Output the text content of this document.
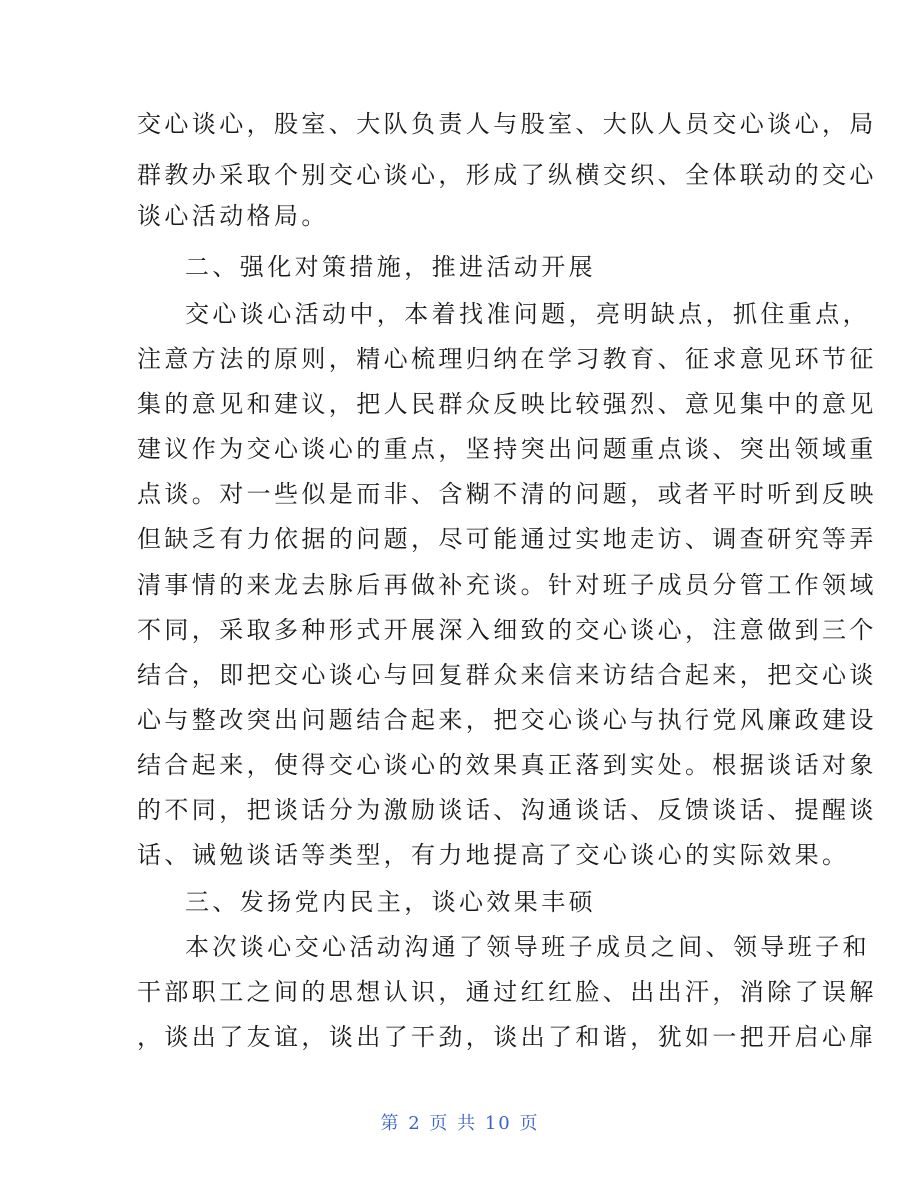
交心谈心，股室、大队负责人与股室、大队人员交心谈心，局
群教办采取个别交心谈心，形成了纵横交织、全体联动的交心
谈心活动格局。
二、强化对策措施，推进活动开展
交心谈心活动中，本着找准问题，亮明缺点，抓住重点，
注意方法的原则，精心梳理归纳在学习教育、征求意见环节征
集的意见和建议，把人民群众反映比较强烈、意见集中的意见
建议作为交心谈心的重点，坚持突出问题重点谈、突出领域重
点谈。对一些似是而非、含糊不清的问题，或者平时听到反映
但缺乏有力依据的问题，尽可能通过实地走访、调查研究等弄
清事情的来龙去脉后再做补充谈。针对班子成员分管工作领域
不同，采取多种形式开展深入细致的交心谈心，注意做到三个
结合，即把交心谈心与回复群众来信来访结合起来，把交心谈
心与整改突出问题结合起来，把交心谈心与执行党风廉政建设
结合起来，使得交心谈心的效果真正落到实处。根据谈话对象
的不同，把谈话分为激励谈话、沟通谈话、反馈谈话、提醒谈
话、诫勉谈话等类型，有力地提高了交心谈心的实际效果。
三、发扬党内民主，谈心效果丰硕
本次谈心交心活动沟通了领导班子成员之间、领导班子和
干部职工之间的思想认识，通过红红脸、出出汗，消除了误解
，谈出了友谊，谈出了干劲，谈出了和谐，犹如一把开启心扉
第 2 页 共 10 页
